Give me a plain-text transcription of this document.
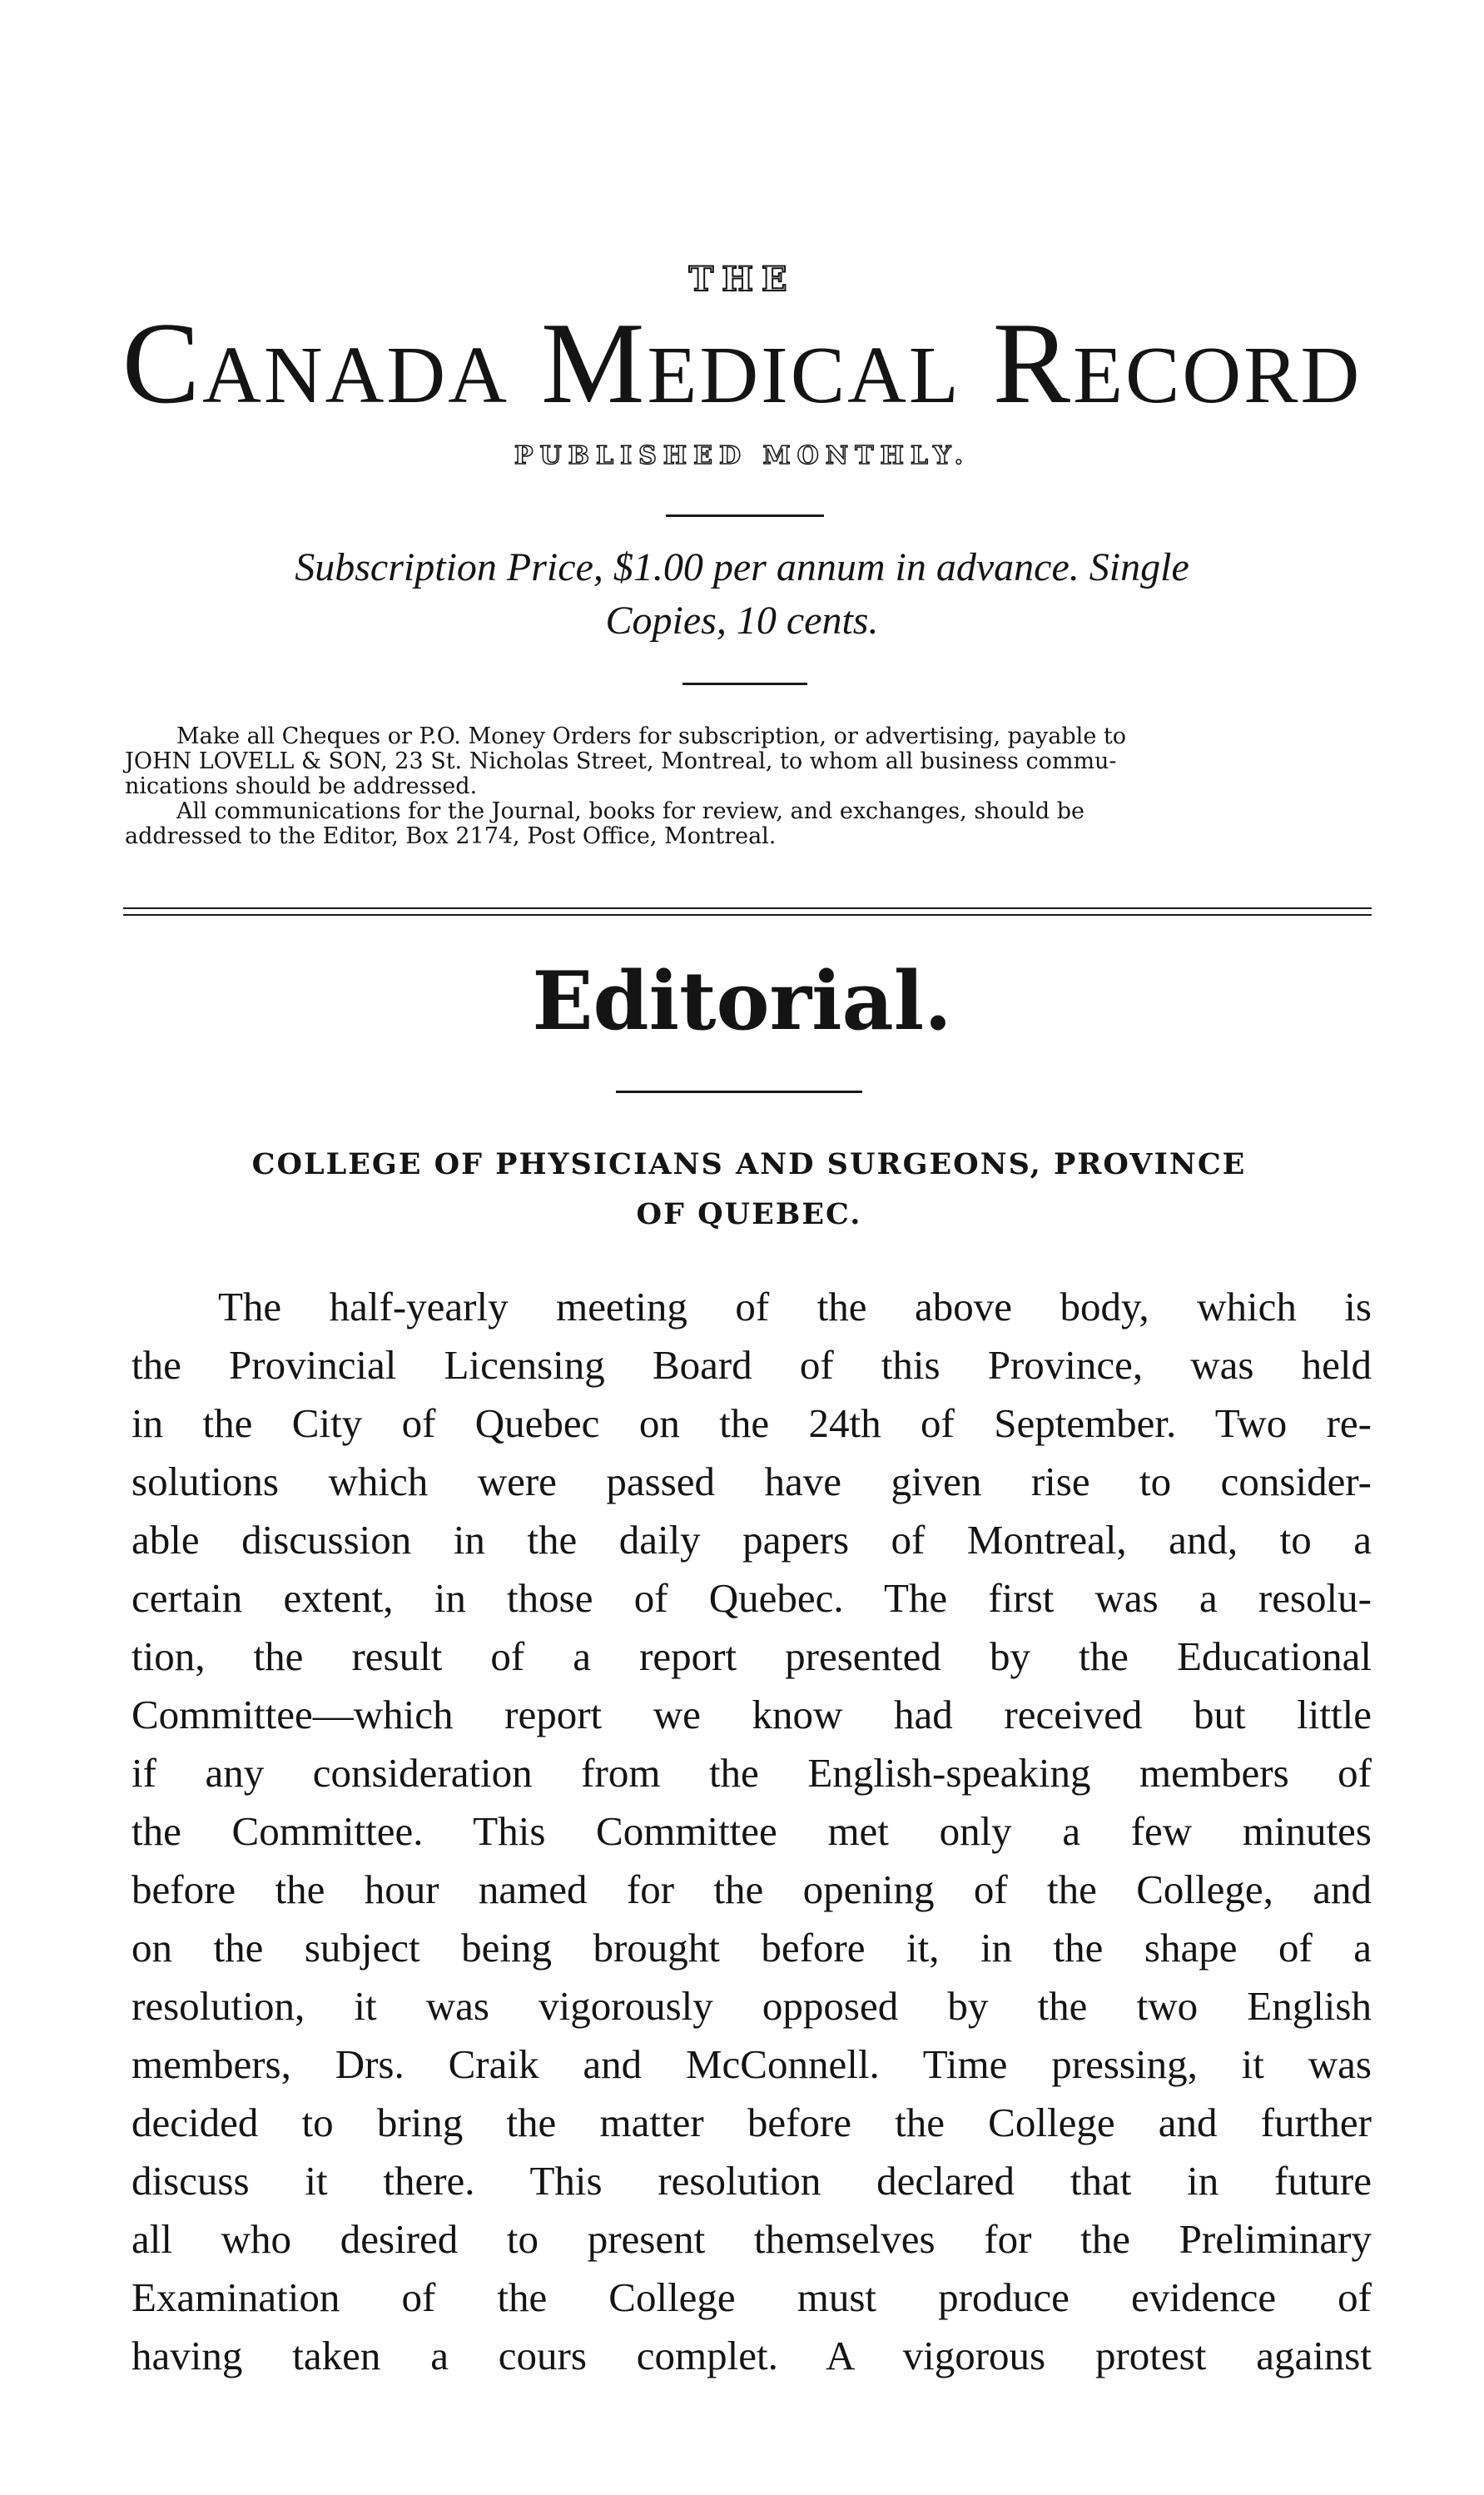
THE
Canada Medical Record
PUBLISHED MONTHLY.
Subscription Price, $1.00 per annum in advance. Single
Copies, 10 cents.
Make all Cheques or P.O. Money Orders for subscription, or advertising, payable to
JOHN LOVELL & SON, 23 St. Nicholas Street, Montreal, to whom all business commu-
nications should be addressed.
All communications for the Journal, books for review, and exchanges, should be
addressed to the Editor, Box 2174, Post Office, Montreal.
Editorial.
COLLEGE OF PHYSICIANS AND SURGEONS, PROVINCE
OF QUEBEC.
The half-yearly meeting of the above body, which is
the Provincial Licensing Board of this Province, was held
in the City of Quebec on the 24th of September. Two re-
solutions which were passed have given rise to consider-
able discussion in the daily papers of Montreal, and, to a
certain extent, in those of Quebec. The first was a resolu-
tion, the result of a report presented by the Educational
Committee—which report we know had received but little
if any consideration from the English-speaking members of
the Committee. This Committee met only a few minutes
before the hour named for the opening of the College, and
on the subject being brought before it, in the shape of a
resolution, it was vigorously opposed by the two English
members, Drs. Craik and McConnell. Time pressing, it was
decided to bring the matter before the College and further
discuss it there. This resolution declared that in future
all who desired to present themselves for the Preliminary
Examination of the College must produce evidence of
having taken a cours complet. A vigorous protest against
